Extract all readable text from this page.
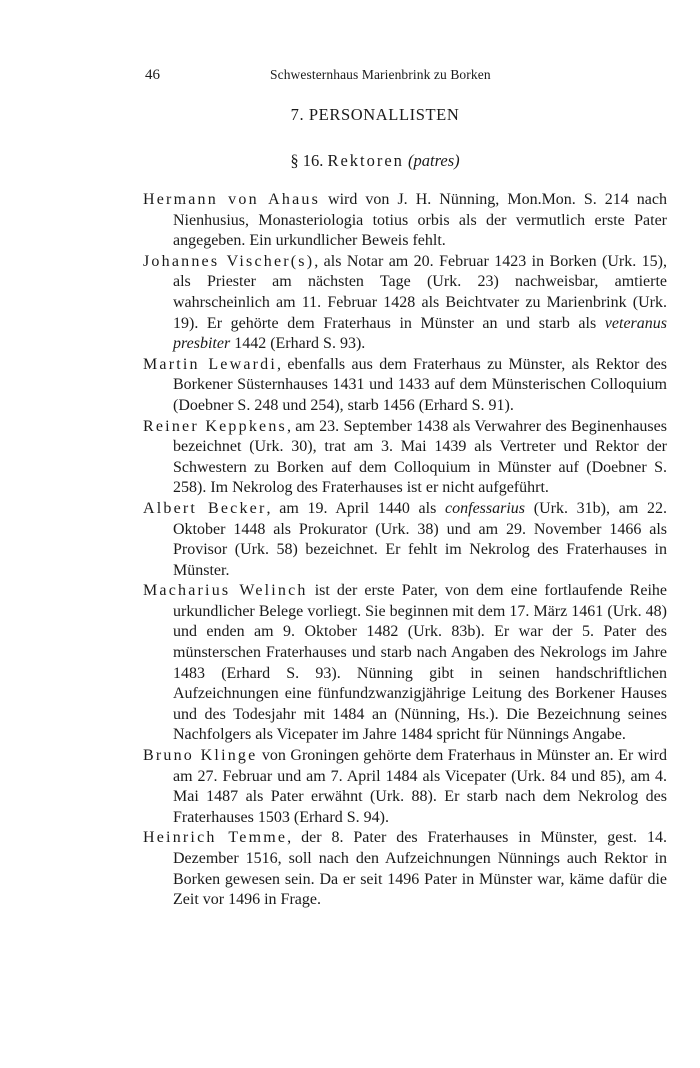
46	Schwesternhaus Marienbrink zu Borken
7. PERSONALLISTEN
§ 16. Rektoren (patres)

Hermann von Ahaus wird von J. H. Nünning, Mon.Mon. S. 214 nach Nienhusius, Monasteriologia totius orbis als der vermutlich erste Pater angegeben. Ein urkundlicher Beweis fehlt.

Johannes Vischer(s), als Notar am 20. Februar 1423 in Borken (Urk. 15), als Priester am nächsten Tage (Urk. 23) nachweisbar, amtierte wahrscheinlich am 11. Februar 1428 als Beichtvater zu Marienbrink (Urk. 19). Er gehörte dem Fraterhaus in Münster an und starb als veteranus presbiter 1442 (Erhard S. 93).

Martin Lewardi, ebenfalls aus dem Fraterhaus zu Münster, als Rektor des Borkener Süsternhauses 1431 und 1433 auf dem Münsterischen Colloquium (Doebner S. 248 und 254), starb 1456 (Erhard S. 91).

Reiner Keppkens, am 23. September 1438 als Verwahrer des Beginenhauses bezeichnet (Urk. 30), trat am 3. Mai 1439 als Vertreter und Rektor der Schwestern zu Borken auf dem Colloquium in Münster auf (Doebner S. 258). Im Nekrolog des Fraterhauses ist er nicht aufgeführt.

Albert Becker, am 19. April 1440 als confessarius (Urk. 31b), am 22. Oktober 1448 als Prokurator (Urk. 38) und am 29. November 1466 als Provisor (Urk. 58) bezeichnet. Er fehlt im Nekrolog des Fraterhauses in Münster.

Macharius Welinch ist der erste Pater, von dem eine fortlaufende Reihe urkundlicher Belege vorliegt. Sie beginnen mit dem 17. März 1461 (Urk. 48) und enden am 9. Oktober 1482 (Urk. 83b). Er war der 5. Pater des münsterschen Fraterhauses und starb nach Angaben des Nekrologs im Jahre 1483 (Erhard S. 93). Nünning gibt in seinen handschriftlichen Aufzeichnungen eine fünfundzwanzigjährige Leitung des Borkener Hauses und des Todesjahr mit 1484 an (Nünning, Hs.). Die Bezeichnung seines Nachfolgers als Vicepater im Jahre 1484 spricht für Nünnings Angabe.

Bruno Klinge von Groningen gehörte dem Fraterhaus in Münster an. Er wird am 27. Februar und am 7. April 1484 als Vicepater (Urk. 84 und 85), am 4. Mai 1487 als Pater erwähnt (Urk. 88). Er starb nach dem Nekrolog des Fraterhauses 1503 (Erhard S. 94).

Heinrich Temme, der 8. Pater des Fraterhauses in Münster, gest. 14. Dezember 1516, soll nach den Aufzeichnungen Nünnings auch Rektor in Borken gewesen sein. Da er seit 1496 Pater in Münster war, käme dafür die Zeit vor 1496 in Frage.
